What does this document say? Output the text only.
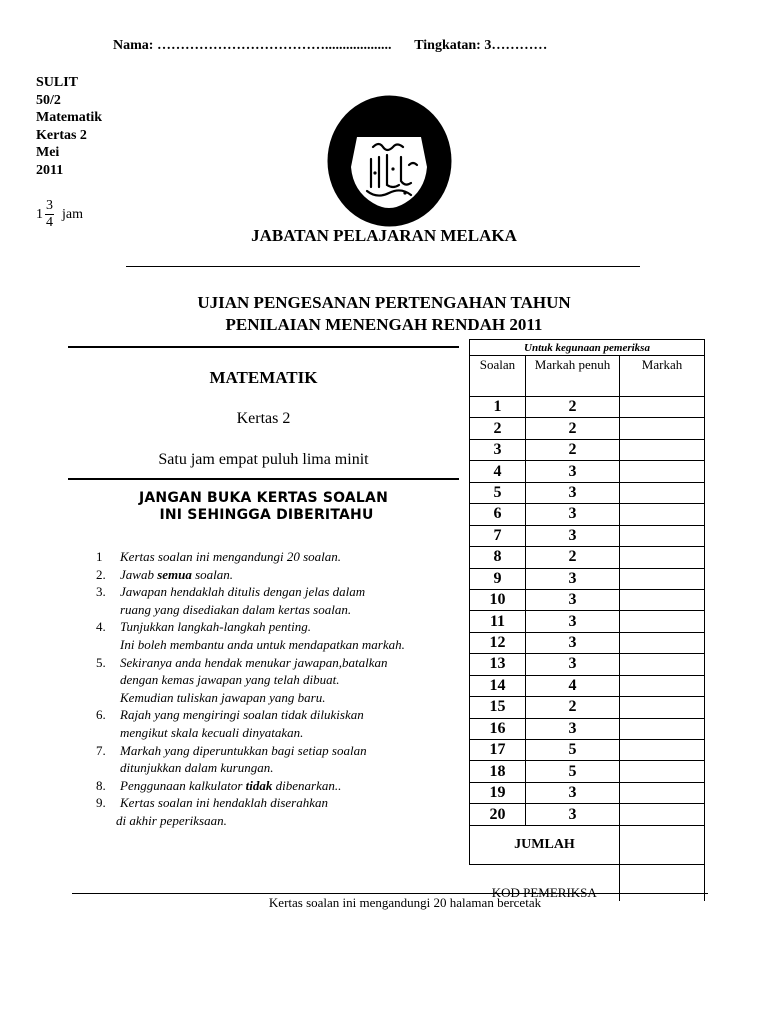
Nama: ………………………………................... Tingkatan: 3…………
SULIT
50/2
Matematik
Kertas 2
Mei
2011
$1 \frac{3}{4}$ jam
JABATAN PELAJARAN MELAKA
UJIAN PENGESANAN PERTENGAHAN TAHUN
PENILAIAN MENENGAH RENDAH 2011
MATEMATIK
Kertas 2
Satu jam empat puluh lima minit
JANGAN BUKA KERTAS SOALAN
INI SEHINGGA DIBERITAHU
1	Kertas soalan ini mengandungi 20 soalan.
2.	Jawab semua soalan.
3.	Jawapan hendaklah ditulis dengan jelas dalam
ruang yang disediakan dalam kertas soalan.
4.	Tunjukkan langkah-langkah penting.
Ini boleh membantu anda untuk mendapatkan markah.
5.	Sekiranya anda hendak menukar jawapan,batalkan
dengan kemas jawapan yang telah dibuat.
Kemudian tuliskan jawapan yang baru.
6.	Rajah yang mengiringi soalan tidak dilukiskan
mengikut skala kecuali dinyatakan.
7.	Markah yang diperuntukkan bagi setiap soalan
ditunjukkan dalam kurungan.
8.	Penggunaan kalkulator tidak dibenarkan..
9.	Kertas soalan ini hendaklah diserahkan
di akhir peperiksaan.
Untuk kegunaan pemeriksa		
Soalan	Markah penuh	Markah
1	2	
2	2	
3	2	
4	3	
5	3	
6	3	
7	3	
8	2	
9	3	
10	3	
11	3	
12	3	
13	3	
14	4	
15	2	
16	3	
17	5	
18	5	
19	3	
20	3	
JUMLAH		
KOD PEMERIKSA		
Kertas soalan ini mengandungi 20 halaman bercetak
